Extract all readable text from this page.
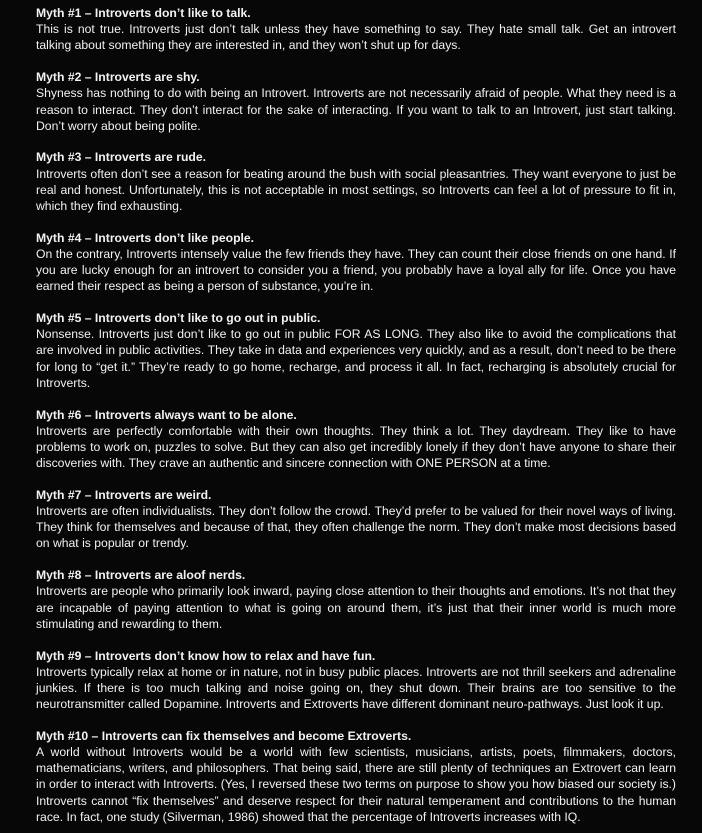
Myth #1 – Introverts don’t like to talk.

This is not true. Introverts just don’t talk unless they have something to say. They hate small talk. Get an introvert talking about something they are interested in, and they won’t shut up for days.

Myth #2 – Introverts are shy.

Shyness has nothing to do with being an Introvert. Introverts are not necessarily afraid of people. What they need is a reason to interact. They don’t interact for the sake of interacting. If you want to talk to an Introvert, just start talking. Don’t worry about being polite.

Myth #3 – Introverts are rude.

Introverts often don’t see a reason for beating around the bush with social pleasantries. They want everyone to just be real and honest. Unfortunately, this is not acceptable in most settings, so Introverts can feel a lot of pressure to fit in, which they find exhausting.

Myth #4 – Introverts don’t like people.

On the contrary, Introverts intensely value the few friends they have. They can count their close friends on one hand. If you are lucky enough for an introvert to consider you a friend, you probably have a loyal ally for life. Once you have earned their respect as being a person of substance, you’re in.

Myth #5 – Introverts don’t like to go out in public.

Nonsense. Introverts just don’t like to go out in public FOR AS LONG. They also like to avoid the complications that are involved in public activities. They take in data and experiences very quickly, and as a result, don’t need to be there for long to “get it.” They’re ready to go home, recharge, and process it all. In fact, recharging is absolutely crucial for Introverts.

Myth #6 – Introverts always want to be alone.

Introverts are perfectly comfortable with their own thoughts. They think a lot. They daydream. They like to have problems to work on, puzzles to solve. But they can also get incredibly lonely if they don’t have anyone to share their discoveries with. They crave an authentic and sincere connection with ONE PERSON at a time.

Myth #7 – Introverts are weird.

Introverts are often individualists. They don’t follow the crowd. They’d prefer to be valued for their novel ways of living. They think for themselves and because of that, they often challenge the norm. They don’t make most decisions based on what is popular or trendy.

Myth #8 – Introverts are aloof nerds.

Introverts are people who primarily look inward, paying close attention to their thoughts and emotions. It’s not that they are incapable of paying attention to what is going on around them, it’s just that their inner world is much more stimulating and rewarding to them.

Myth #9 – Introverts don’t know how to relax and have fun.

Introverts typically relax at home or in nature, not in busy public places. Introverts are not thrill seekers and adrenaline junkies. If there is too much talking and noise going on, they shut down. Their brains are too sensitive to the neurotransmitter called Dopamine. Introverts and Extroverts have different dominant neuro-pathways. Just look it up.

Myth #10 – Introverts can fix themselves and become Extroverts.

A world without Introverts would be a world with few scientists, musicians, artists, poets, filmmakers, doctors, mathematicians, writers, and philosophers. That being said, there are still plenty of techniques an Extrovert can learn in order to interact with Introverts. (Yes, I reversed these two terms on purpose to show you how biased our society is.) Introverts cannot “fix themselves” and deserve respect for their natural temperament and contributions to the human race. In fact, one study (Silverman, 1986) showed that the percentage of Introverts increases with IQ.
